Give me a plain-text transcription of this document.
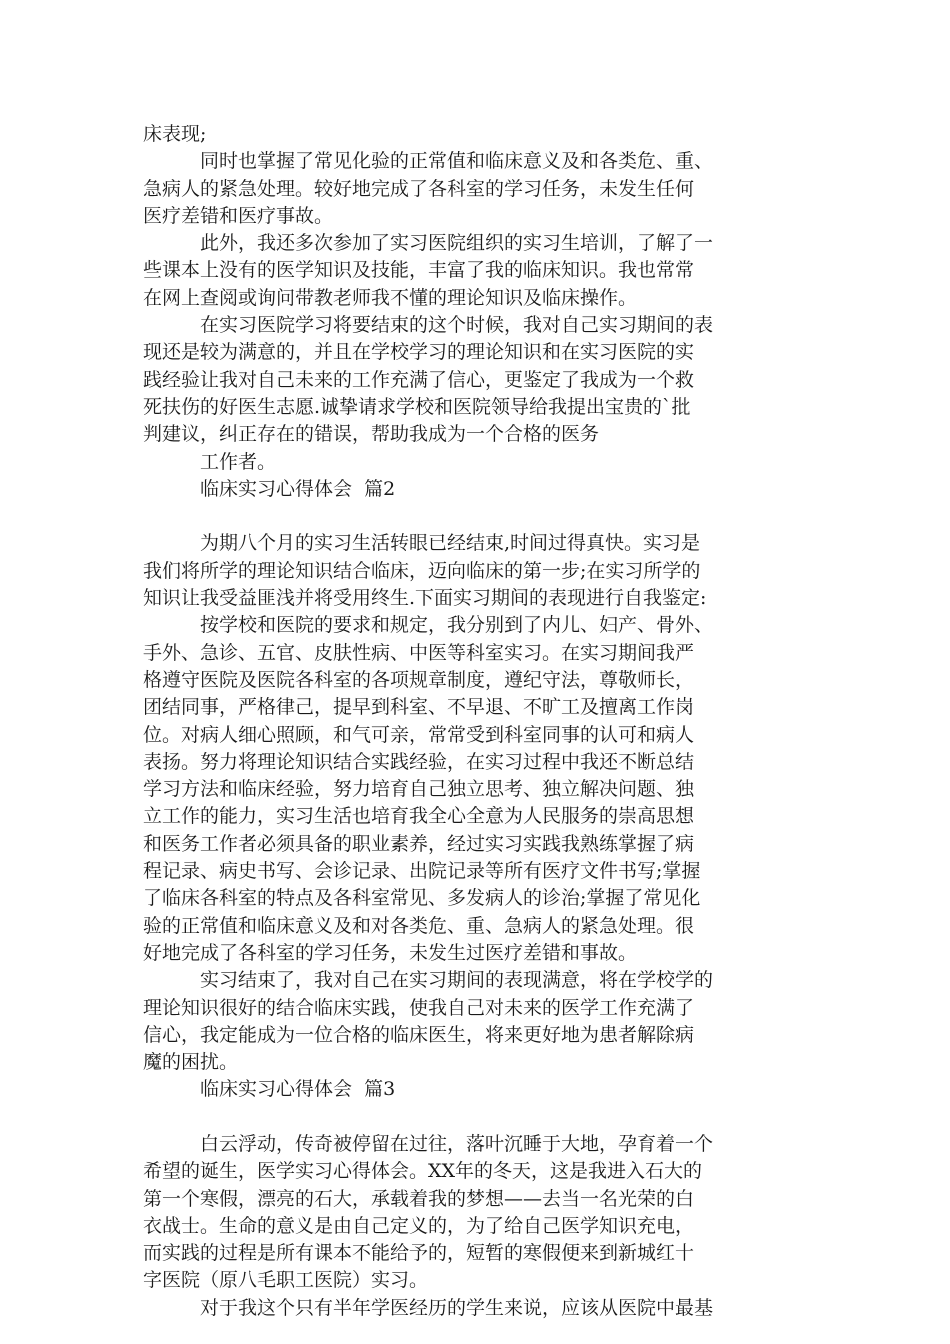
床表现;
同时也掌握了常见化验的正常值和临床意义及和各类危、重、
急病人的紧急处理。较好地完成了各科室的学习任务，未发生任何
医疗差错和医疗事故。
此外，我还多次参加了实习医院组织的实习生培训，了解了一
些课本上没有的医学知识及技能，丰富了我的临床知识。我也常常
在网上查阅或询问带教老师我不懂的理论知识及临床操作。
在实习医院学习将要结束的这个时候，我对自己实习期间的表
现还是较为满意的，并且在学校学习的理论知识和在实习医院的实
践经验让我对自己未来的工作充满了信心，更鉴定了我成为一个救
死扶伤的好医生志愿.诚挚请求学校和医院领导给我提出宝贵的`批
判建议，纠正存在的错误，帮助我成为一个合格的医务
工作者。
临床实习心得体会  篇2
为期八个月的实习生活转眼已经结束,时间过得真快。实习是
我们将所学的理论知识结合临床，迈向临床的第一步;在实习所学的
知识让我受益匪浅并将受用终生.下面实习期间的表现进行自我鉴定:
按学校和医院的要求和规定，我分别到了内儿、妇产、骨外、
手外、急诊、五官、皮肤性病、中医等科室实习。在实习期间我严
格遵守医院及医院各科室的各项规章制度，遵纪守法，尊敬师长，
团结同事，严格律己，提早到科室、不早退、不旷工及擅离工作岗
位。对病人细心照顾，和气可亲，常常受到科室同事的认可和病人
表扬。努力将理论知识结合实践经验，在实习过程中我还不断总结
学习方法和临床经验，努力培育自己独立思考、独立解决问题、独
立工作的能力，实习生活也培育我全心全意为人民服务的崇高思想
和医务工作者必须具备的职业素养，经过实习实践我熟练掌握了病
程记录、病史书写、会诊记录、出院记录等所有医疗文件书写;掌握
了临床各科室的特点及各科室常见、多发病人的诊治;掌握了常见化
验的正常值和临床意义及和对各类危、重、急病人的紧急处理。很
好地完成了各科室的学习任务，未发生过医疗差错和事故。
实习结束了，我对自己在实习期间的表现满意，将在学校学的
理论知识很好的结合临床实践，使我自己对未来的医学工作充满了
信心，我定能成为一位合格的临床医生，将来更好地为患者解除病
魔的困扰。
临床实习心得体会  篇3
白云浮动，传奇被停留在过往，落叶沉睡于大地，孕育着一个
希望的诞生，医学实习心得体会。XX年的冬天，这是我进入石大的
第一个寒假，漂亮的石大，承载着我的梦想——去当一名光荣的白
衣战士。生命的意义是由自己定义的，为了给自己医学知识充电，
而实践的过程是所有课本不能给予的，短暂的寒假便来到新城红十
字医院（原八毛职工医院）实习。
对于我这个只有半年学医经历的学生来说，应该从医院中最基
